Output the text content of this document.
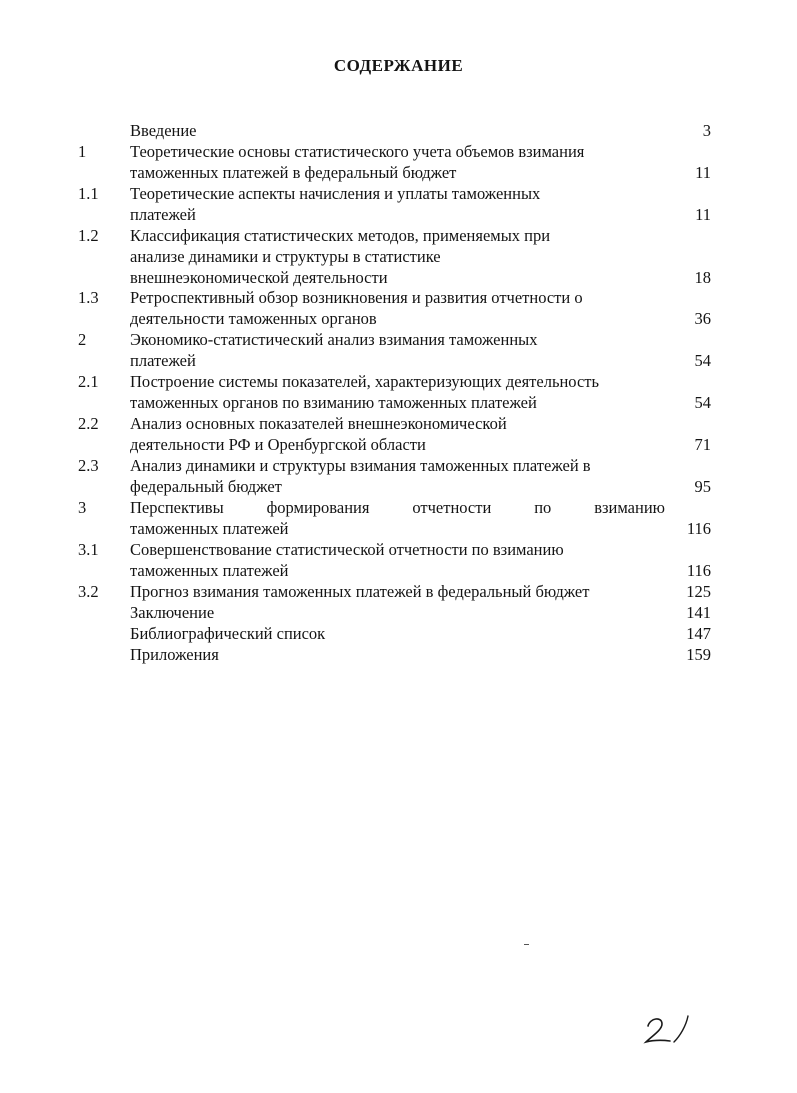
СОДЕРЖАНИЕ
Введение	3
1	Теоретические основы статистического учета объемов взимания
таможенных платежей в федеральный бюджет	11
1.1 Теоретические аспекты начисления и уплаты таможенных
платежей	11
1.2 Классификация статистических методов, применяемых при
анализе динамики и структуры в статистике
внешнеэкономической деятельности	18
1.3 Ретроспективный обзор возникновения и развития отчетности о
деятельности таможенных органов	36
2	Экономико-статистический анализ взимания таможенных
платежей	54
2.1 Построение системы показателей, характеризующих деятельность
таможенных органов по взиманию таможенных платежей	54
2.2 Анализ основных показателей внешнеэкономической
деятельности РФ и Оренбургской области	71
2.3 Анализ динамики и структуры взимания таможенных платежей в
федеральный бюджет	95
3	Перспективы формирования отчетности по взиманию
таможенных платежей	116
3.1 Совершенствование статистической отчетности по взиманию
таможенных платежей	116
3.2 Прогноз взимания таможенных платежей в федеральный бюджет	125
Заключение	141
Библиографический список	147
Приложения	159
